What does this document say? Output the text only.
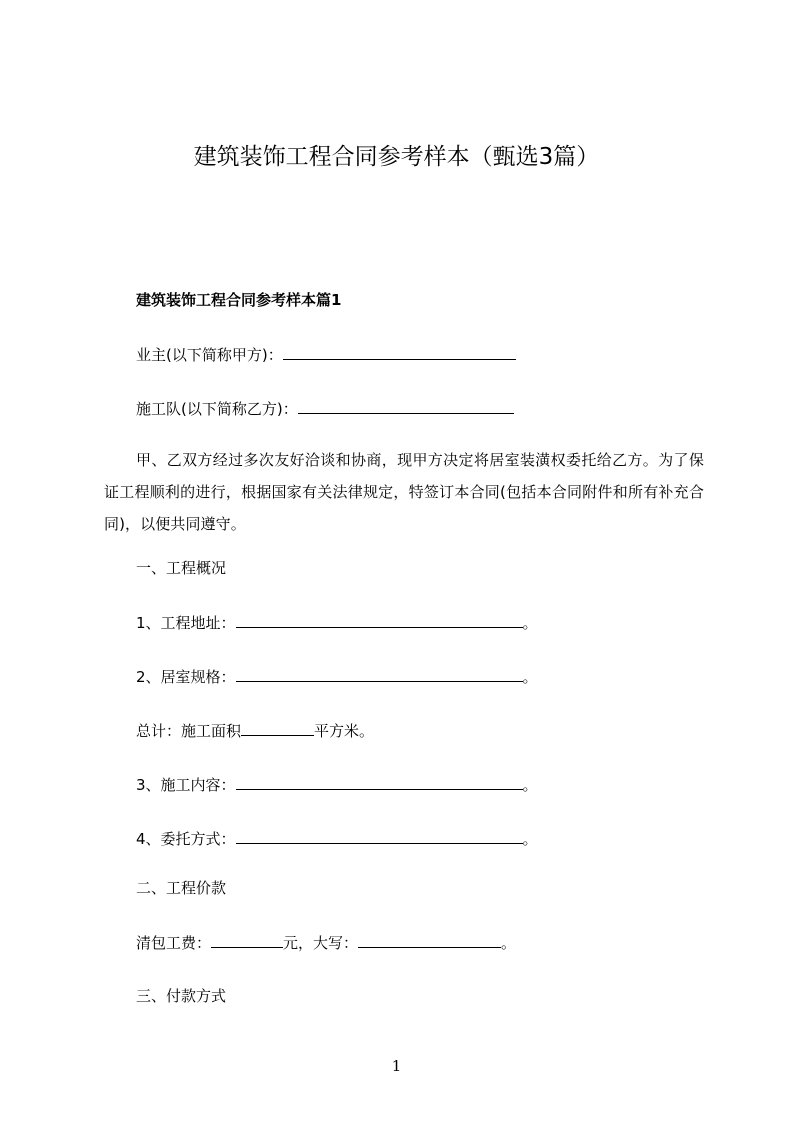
建筑装饰工程合同参考样本（甄选3篇）
建筑装饰工程合同参考样本篇1
业主(以下简称甲方)：
施工队(以下简称乙方)：
甲、乙双方经过多次友好洽谈和协商，现甲方决定将居室装潢权委托给乙方。为了保证工程顺利的进行，根据国家有关法律规定，特签订本合同(包括本合同附件和所有补充合同)，以便共同遵守。
一、工程概况
1、工程地址：	。
2、居室规格：	。
总计：施工面积	平方米。
3、施工内容：	。
4、委托方式：	。
二、工程价款
清包工费：	元，大写：	。
三、付款方式
1
